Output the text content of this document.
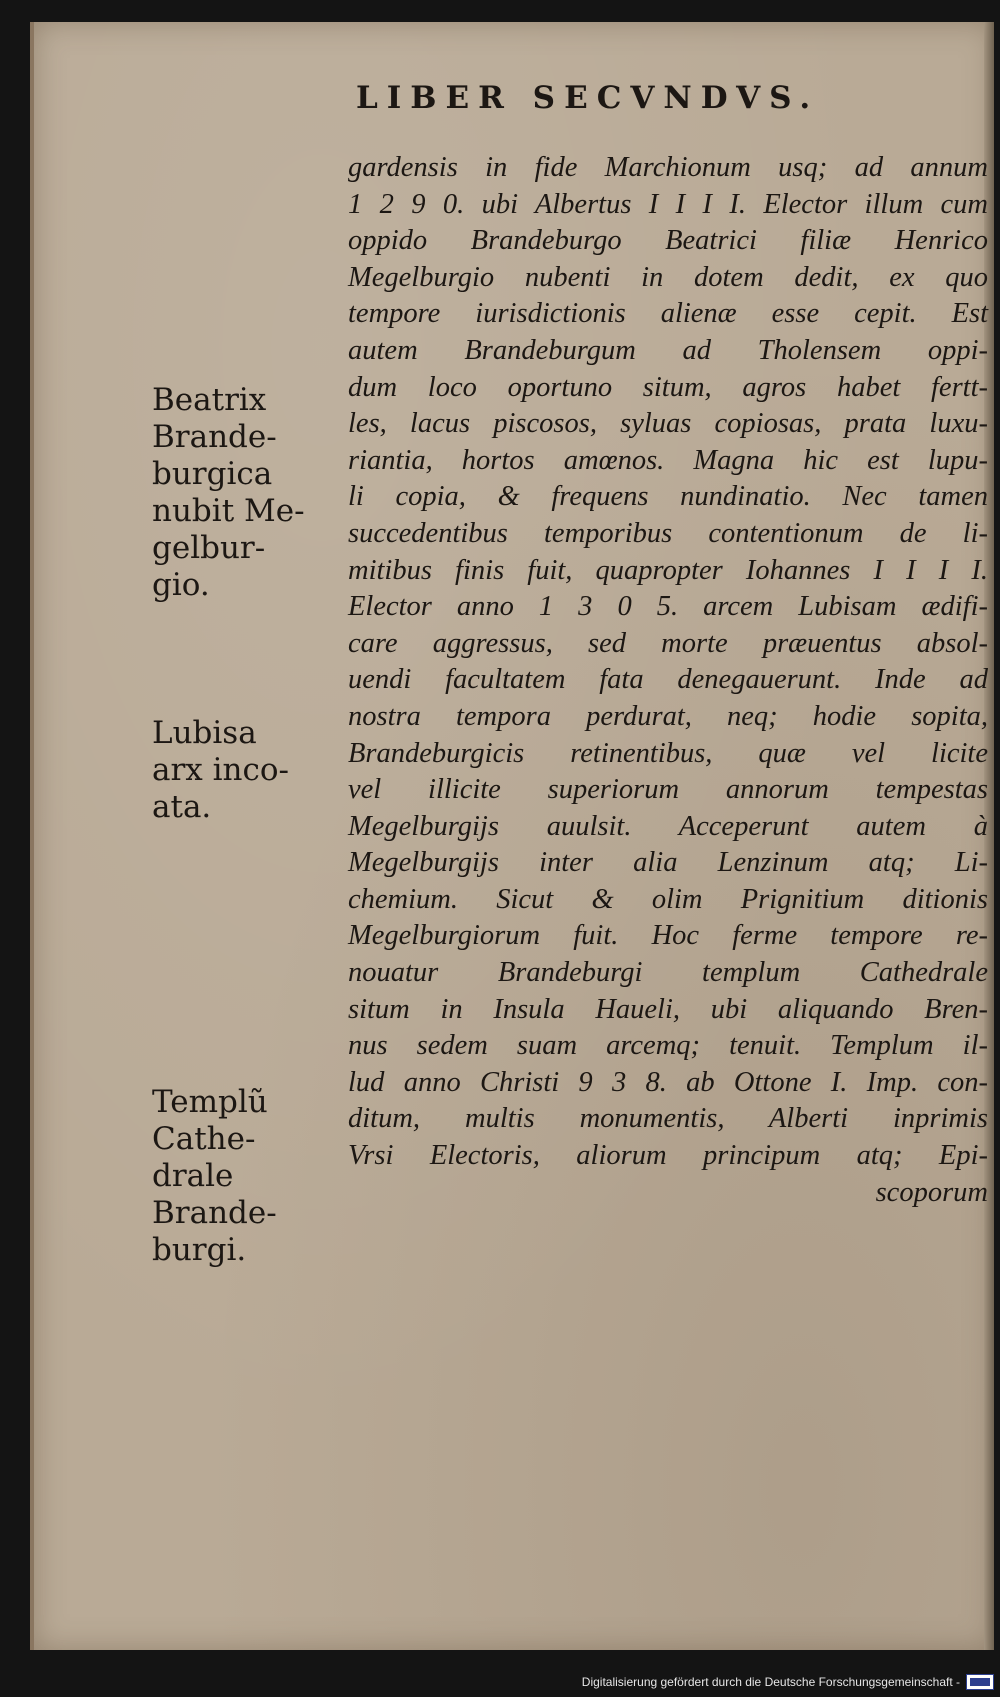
LIBER SECVNDVS.
gardensis in fide Marchionum usq; ad annum
1 2 9 0. ubi Albertus I I I I. Elector illum cum
oppido Brandeburgo Beatrici filiæ Henrico
Megelburgio nubenti in dotem dedit, ex quo
tempore iurisdictionis alienæ esse cepit. Est
autem Brandeburgum ad Tholensem oppi-
dum loco oportuno situm, agros habet fertt-
les, lacus piscosos, syluas copiosas, prata luxu-
riantia, hortos amœnos. Magna hic est lupu-
li copia, & frequens nundinatio. Nec tamen
succedentibus temporibus contentionum de li-
mitibus finis fuit, quapropter Iohannes I I I I.
Elector anno 1 3 0 5. arcem Lubisam ædifi-
care aggressus, sed morte præuentus absol-
uendi facultatem fata denegauerunt. Inde ad
nostra tempora perdurat, neq; hodie sopita,
Brandeburgicis retinentibus, quæ vel licite
vel illicite superiorum annorum tempestas
Megelburgijs auulsit. Acceperunt autem à
Megelburgijs inter alia Lenzinum atq; Li-
chemium. Sicut & olim Prignitium ditionis
Megelburgiorum fuit. Hoc ferme tempore re-
nouatur Brandeburgi templum Cathedrale
situm in Insula Haueli, ubi aliquando Bren-
nus sedem suam arcemq; tenuit. Templum il-
lud anno Christi 9 3 8. ab Ottone I. Imp. con-
ditum, multis monumentis, Alberti inprimis
Vrsi Electoris, aliorum principum atq; Epi-
scoporum
Beatrix
Brande-
burgica
nubit Me-
gelbur-
gio.
Lubisa
arx inco-
ata.
Templũ
Cathe-
drale
Brande-
burgi.
Digitalisierung gefördert durch die Deutsche Forschungsgemeinschaft -
